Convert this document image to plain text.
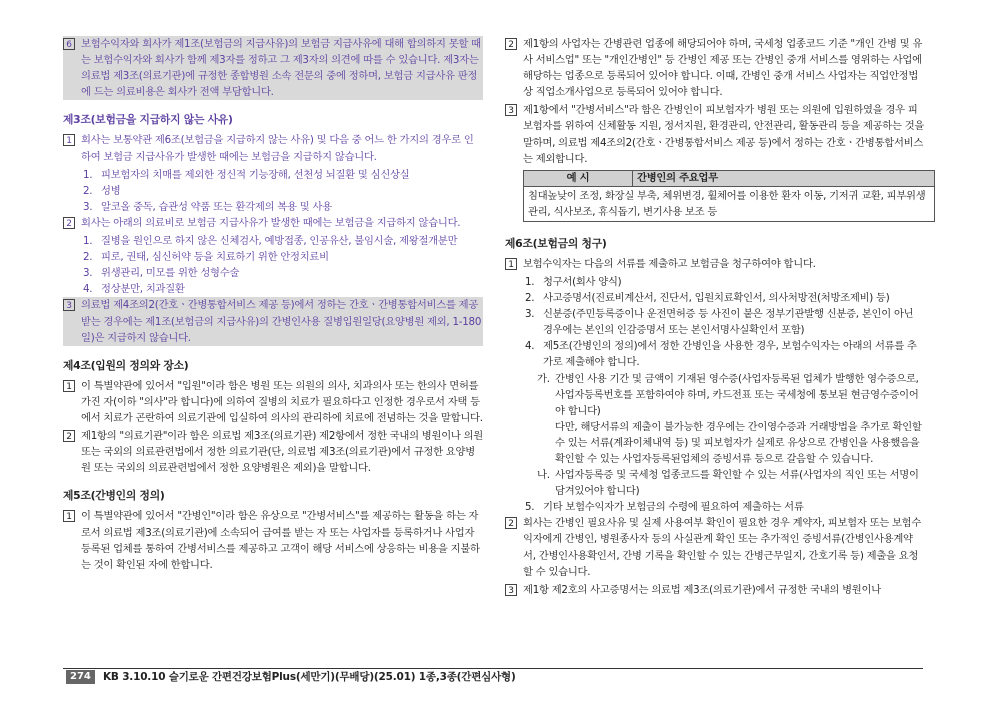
6 보험수익자와 회사가 제1조(보험금의 지급사유)의 보험금 지급사유에 대해 합의하지 못할 때는 보험수익자와 회사가 함께 제3자를 정하고 그 제3자의 의견에 따를 수 있습니다. 제3자는 의료법 제3조(의료기관)에 규정한 종합병원 소속 전문의 중에 정하며, 보험금 지급사유 판정에 드는 의료비용은 회사가 전액 부담합니다.
제3조(보험금을 지급하지 않는 사유)
1 회사는 보통약관 제6조(보험금을 지급하지 않는 사유) 및 다음 중 어느 한 가지의 경우로 인하여 보험금 지급사유가 발생한 때에는 보험금을 지급하지 않습니다.
1. 피보험자의 치매를 제외한 정신적 기능장해, 선천성 뇌질환 및 심신상실
2. 성병
3. 알코올 중독, 습관성 약품 또는 환각제의 복용 및 사용
2 회사는 아래의 의료비로 보험금 지급사유가 발생한 때에는 보험금을 지급하지 않습니다.
1. 질병을 원인으로 하지 않은 신체검사, 예방접종, 인공유산, 불임시술, 제왕절개분만
2. 피로, 권태, 심신허약 등을 치료하기 위한 안정치료비
3. 위생관리, 미모를 위한 성형수술
4. 정상분만, 치과질환
3 의료법 제4조의2(간호ㆍ간병통합서비스 제공 등)에서 정하는 간호ㆍ간병통합서비스를 제공받는 경우에는 제1조(보험금의 지급사유)의 간병인사용 질병입원일당(요양병원 제외, 1-180일)은 지급하지 않습니다.
제4조(입원의 정의와 장소)
1 이 특별약관에 있어서 "입원"이라 함은 병원 또는 의원의 의사, 치과의사 또는 한의사 면허를 가진 자(이하 "의사"라 합니다)에 의하여 질병의 치료가 필요하다고 인정한 경우로서 자택 등에서 치료가 곤란하여 의료기관에 입실하여 의사의 관리하에 치료에 전념하는 것을 말합니다.
2 제1항의 "의료기관"이라 함은 의료법 제3조(의료기관) 제2항에서 정한 국내의 병원이나 의원 또는 국외의 의료관련법에서 정한 의료기관(단, 의료법 제3조(의료기관)에서 규정한 요양병원 또는 국외의 의료관련법에서 정한 요양병원은 제외)을 말합니다.
제5조(간병인의 정의)
1 이 특별약관에 있어서 "간병인"이라 함은 유상으로 "간병서비스"를 제공하는 활동을 하는 자로서 의료법 제3조(의료기관)에 소속되어 급여를 받는 자 또는 사업자를 등록하거나 사업자 등록된 업체를 통하여 간병서비스를 제공하고 고객이 해당 서비스에 상응하는 비용을 지불하는 것이 확인된 자에 한합니다.
2 제1항의 사업자는 간병관련 업종에 해당되어야 하며, 국세청 업종코드 기준 "개인 간병 및 유사 서비스업" 또는 "개인간병인" 등 간병인 제공 또는 간병인 중개 서비스를 영위하는 사업에 해당하는 업종으로 등록되어 있어야 합니다. 이때, 간병인 중개 서비스 사업자는 직업안정법상 직업소개사업으로 등록되어 있어야 합니다.
3 제1항에서 "간병서비스"라 함은 간병인이 피보험자가 병원 또는 의원에 입원하였을 경우 피보험자를 위하여 신체활동 지원, 정서지원, 환경관리, 안전관리, 활동관리 등을 제공하는 것을 말하며, 의료법 제4조의2(간호ㆍ간병통합서비스 제공 등)에서 정하는 간호ㆍ간병통합서비스는 제외합니다.
예 시	간병인의 주요업무
침대높낮이 조정, 화장실 부축, 체위변경, 휠체어를 이용한 환자 이동, 기저귀 교환, 피부위생관리, 식사보조, 휴식돕기, 변기사용 보조 등
제6조(보험금의 청구)
1 보험수익자는 다음의 서류를 제출하고 보험금을 청구하여야 합니다.
1. 청구서(회사 양식)
2. 사고증명서(진료비계산서, 진단서, 입원치료확인서, 의사처방전(처방조제비) 등)
3. 신분증(주민등록증이나 운전면허증 등 사진이 붙은 정부기관발행 신분증, 본인이 아닌 경우에는 본인의 인감증명서 또는 본인서명사실확인서 포함)
4. 제5조(간병인의 정의)에서 정한 간병인을 사용한 경우, 보험수익자는 아래의 서류를 추가로 제출해야 합니다.
가. 간병인 사용 기간 및 금액이 기재된 영수증(사업자등록된 업체가 발행한 영수증으로, 사업자등록번호를 포함하여야 하며, 카드전표 또는 국세청에 통보된 현금영수증이어야 합니다)
다만, 해당서류의 제출이 불가능한 경우에는 간이영수증과 거래방법을 추가로 확인할 수 있는 서류(계좌이체내역 등) 및 피보험자가 실제로 유상으로 간병인을 사용했음을 확인할 수 있는 사업자등록된업체의 증빙서류 등으로 갈음할 수 있습니다.
나. 사업자등록증 및 국세청 업종코드를 확인할 수 있는 서류(사업자의 직인 또는 서명이 담겨있어야 합니다)
5. 기타 보험수익자가 보험금의 수령에 필요하여 제출하는 서류
2 회사는 간병인 필요사유 및 실제 사용여부 확인이 필요한 경우 계약자, 피보험자 또는 보험수익자에게 간병인, 병원종사자 등의 사실관계 확인 또는 추가적인 증빙서류(간병인사용계약서, 간병인사용확인서, 간병 기록을 확인할 수 있는 간병근무일지, 간호기록 등) 제출을 요청할 수 있습니다.
3 제1항 제2호의 사고증명서는 의료법 제3조(의료기관)에서 규정한 국내의 병원이나
274	KB 3.10.10 슬기로운 간편건강보험Plus(세만기)(무배당)(25.01) 1종,3종(간편심사형)
